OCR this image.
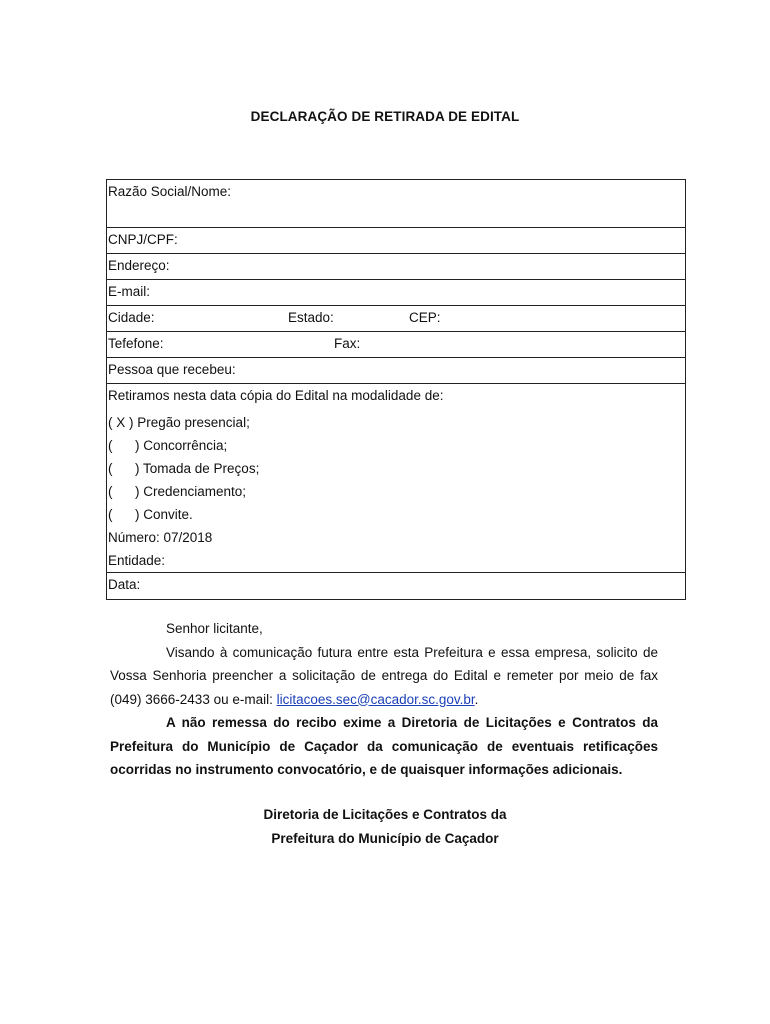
DECLARAÇÃO DE RETIRADA DE EDITAL
Razão Social/Nome:
CNPJ/CPF:
Endereço:
E-mail:
Cidade:	Estado:	CEP:
Tefefone:	Fax:
Pessoa que recebeu:
Retiramos nesta data cópia do Edital na modalidade de:
( X ) Pregão presencial;
(      ) Concorrência;
(      ) Tomada de Preços;
(      ) Credenciamento;
(      ) Convite.
Número: 07/2018
Entidade:
Data:
Senhor licitante,
Visando à comunicação futura entre esta Prefeitura e essa empresa, solicito de Vossa Senhoria preencher a solicitação de entrega do Edital e remeter por meio de fax (049) 3666-2433 ou e-mail: licitacoes.sec@cacador.sc.gov.br.
A não remessa do recibo exime a Diretoria de Licitações e Contratos da Prefeitura do Município de Caçador da comunicação de eventuais retificações ocorridas no instrumento convocatório, e de quaisquer informações adicionais.
Diretoria de Licitações e Contratos da
Prefeitura do Município de Caçador
